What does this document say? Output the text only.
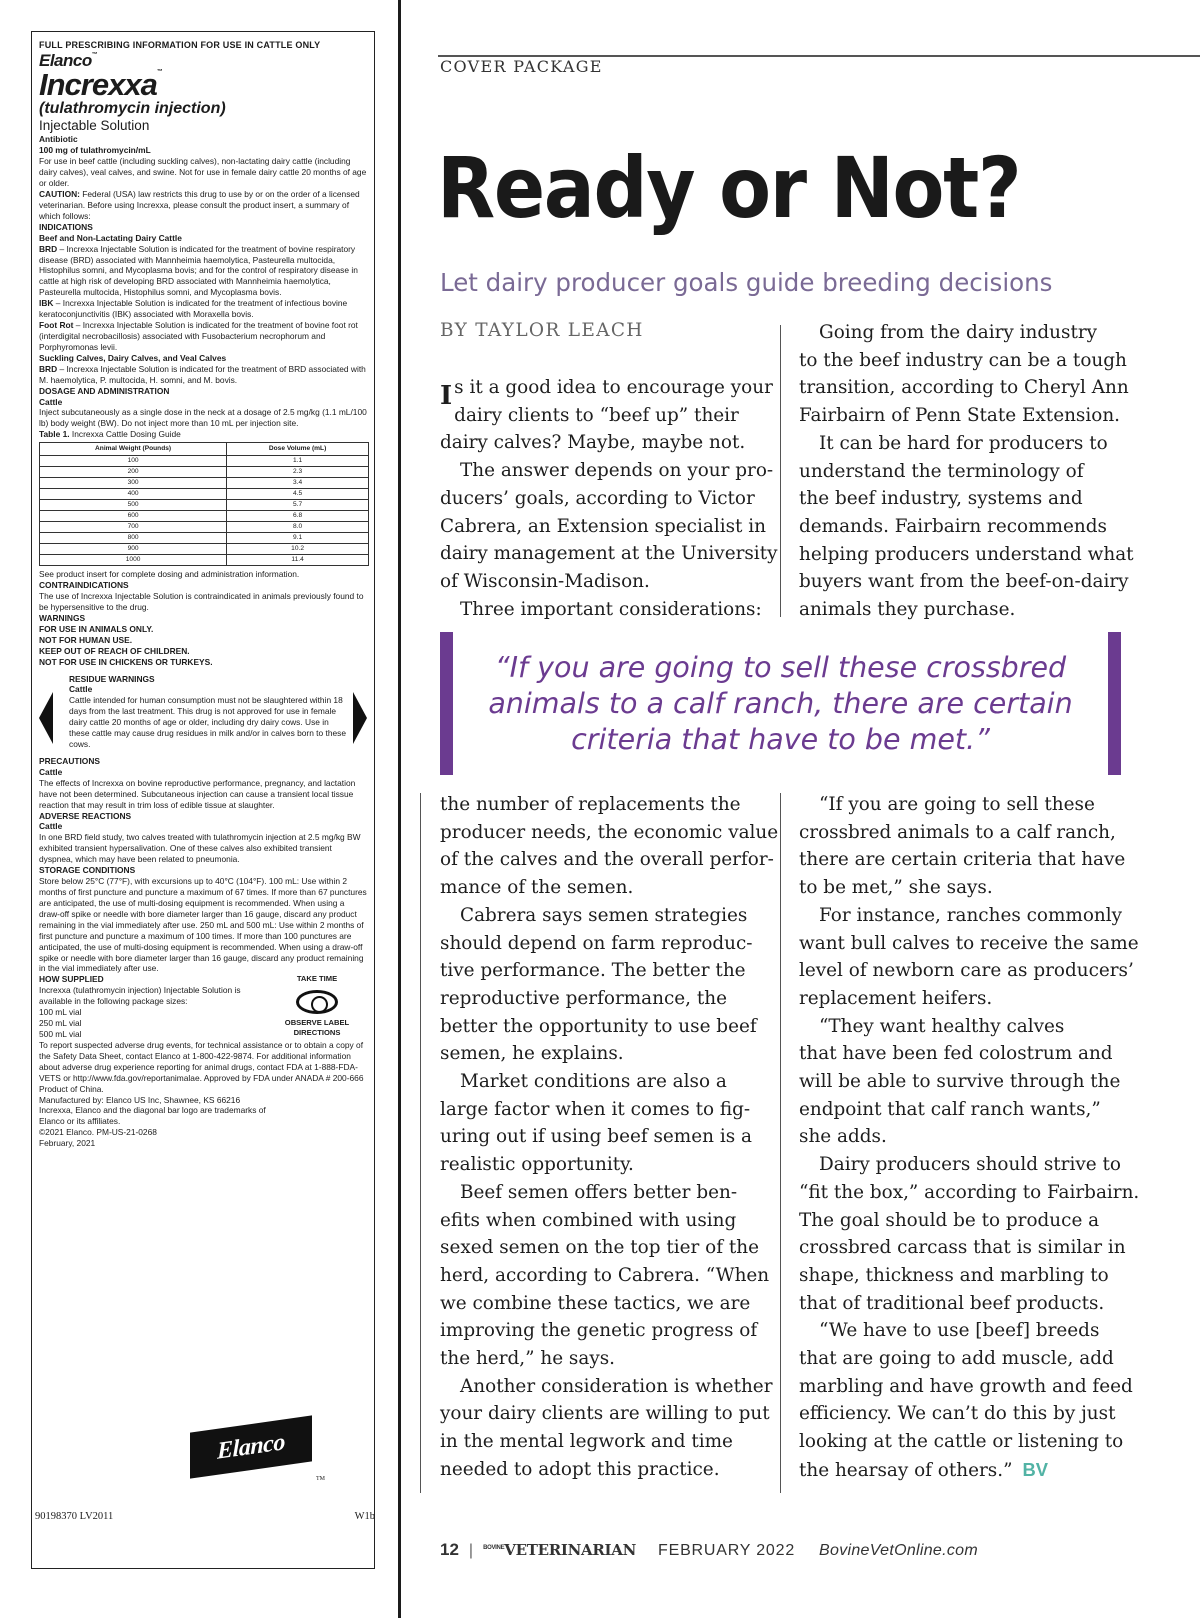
FULL PRESCRIBING INFORMATION FOR USE IN CATTLE ONLY
Elanco™
Increxxa™
(tulathromycin injection)
Injectable Solution

Antibiotic

100 mg of tulathromycin/mL

For use in beef cattle (including suckling calves), non-lactating dairy cattle (including dairy calves), veal calves, and swine. Not for use in female dairy cattle 20 months of age or older.

CAUTION: Federal (USA) law restricts this drug to use by or on the order of a licensed veterinarian. Before using Increxxa, please consult the product insert, a summary of which follows:

INDICATIONS

Beef and Non-Lactating Dairy Cattle

BRD – Increxxa Injectable Solution is indicated for the treatment of bovine respiratory disease (BRD) associated with Mannheimia haemolytica, Pasteurella multocida, Histophilus somni, and Mycoplasma bovis; and for the control of respiratory disease in cattle at high risk of developing BRD associated with Mannheimia haemolytica, Pasteurella multocida, Histophilus somni, and Mycoplasma bovis.

IBK – Increxxa Injectable Solution is indicated for the treatment of infectious bovine keratoconjunctivitis (IBK) associated with Moraxella bovis.

Foot Rot – Increxxa Injectable Solution is indicated for the treatment of bovine foot rot (interdigital necrobacillosis) associated with Fusobacterium necrophorum and Porphyromonas levii.

Suckling Calves, Dairy Calves, and Veal Calves

BRD – Increxxa Injectable Solution is indicated for the treatment of BRD associated with M. haemolytica, P. multocida, H. somni, and M. bovis.

DOSAGE AND ADMINISTRATION

Cattle

Inject subcutaneously as a single dose in the neck at a dosage of 2.5 mg/kg (1.1 mL/100 lb) body weight (BW). Do not inject more than 10 mL per injection site.

Table 1. Increxxa Cattle Dosing Guide

Animal Weight (Pounds)	Dose Volume (mL)
100	1.1
200	2.3
300	3.4
400	4.5
500	5.7
600	6.8
700	8.0
800	9.1
900	10.2
1000	11.4

See product insert for complete dosing and administration information.

CONTRAINDICATIONS

The use of Increxxa Injectable Solution is contraindicated in animals previously found to be hypersensitive to the drug.

WARNINGS

FOR USE IN ANIMALS ONLY.

NOT FOR HUMAN USE.

KEEP OUT OF REACH OF CHILDREN.

NOT FOR USE IN CHICKENS OR TURKEYS.

RESIDUE WARNINGS

Cattle

Cattle intended for human consumption must not be slaughtered within 18 days from the last treatment. This drug is not approved for use in female dairy cattle 20 months of age or older, including dry dairy cows. Use in these cattle may cause drug residues in milk and/or in calves born to these cows.

PRECAUTIONS

Cattle

The effects of Increxxa on bovine reproductive performance, pregnancy, and lactation have not been determined. Subcutaneous injection can cause a transient local tissue reaction that may result in trim loss of edible tissue at slaughter.

ADVERSE REACTIONS

Cattle

In one BRD field study, two calves treated with tulathromycin injection at 2.5 mg/kg BW exhibited transient hypersalivation. One of these calves also exhibited transient dyspnea, which may have been related to pneumonia.

STORAGE CONDITIONS

Store below 25°C (77°F), with excursions up to 40°C (104°F). 100 mL: Use within 2 months of first puncture and puncture a maximum of 67 times. If more than 67 punctures are anticipated, the use of multi-dosing equipment is recommended. When using a draw-off spike or needle with bore diameter larger than 16 gauge, discard any product remaining in the vial immediately after use. 250 mL and 500 mL: Use within 2 months of first puncture and puncture a maximum of 100 times. If more than 100 punctures are anticipated, the use of multi-dosing equipment is recommended. When using a draw-off spike or needle with bore diameter larger than 16 gauge, discard any product remaining in the vial immediately after use.

TAKE TIME
OBSERVE LABEL DIRECTIONS

HOW SUPPLIED

Increxxa (tulathromycin injection) Injectable Solution is available in the following package sizes:

100 mL vial

250 mL vial

500 mL vial

To report suspected adverse drug events, for technical assistance or to obtain a copy of the Safety Data Sheet, contact Elanco at 1-800-422-9874. For additional information about adverse drug experience reporting for animal drugs, contact FDA at 1-888-FDA-VETS or http://www.fda.gov/reportanimalae. Approved by FDA under ANADA # 200-666

Product of China.

Manufactured by: Elanco US Inc, Shawnee, KS 66216

Increxxa, Elanco and the diagonal bar logo are trademarks of Elanco or its affiliates.

©2021 Elanco. PM-US-21-0268

February, 2021

Elanco
TM
90198370 LV2011	W1b
COVER PACKAGE
Ready or Not?
Let dairy producer goals guide breeding decisions
BY TAYLOR LEACH

I s it a good idea to encourage your

dairy clients to “beef up” their

dairy calves? Maybe, maybe not.

The answer depends on your pro-

ducers’ goals, according to Victor

Cabrera, an Extension specialist in

dairy management at the University

of Wisconsin-Madison.

Three important considerations:

Going from the dairy industry

to the beef industry can be a tough

transition, according to Cheryl Ann

Fairbairn of Penn State Extension.

It can be hard for producers to

understand the terminology of

the beef industry, systems and

demands. Fairbairn recommends

helping producers understand what

buyers want from the beef-on-dairy

animals they purchase.

“If you are going to sell these crossbred
animals to a calf ranch, there are certain
criteria that have to be met.”

the number of replacements the

producer needs, the economic value

of the calves and the overall perfor-

mance of the semen.

Cabrera says semen strategies

should depend on farm reproduc-

tive performance. The better the

reproductive performance, the

better the opportunity to use beef

semen, he explains.

Market conditions are also a

large factor when it comes to fig-

uring out if using beef semen is a

realistic opportunity.

Beef semen offers better ben-

efits when combined with using

sexed semen on the top tier of the

herd, according to Cabrera. “When

we combine these tactics, we are

improving the genetic progress of

the herd,” he says.

Another consideration is whether

your dairy clients are willing to put

in the mental legwork and time

needed to adopt this practice.

“If you are going to sell these

crossbred animals to a calf ranch,

there are certain criteria that have

to be met,” she says.

For instance, ranches commonly

want bull calves to receive the same

level of newborn care as producers’

replacement heifers.

“They want healthy calves

that have been fed colostrum and

will be able to survive through the

endpoint that calf ranch wants,”

she adds.

Dairy producers should strive to

“fit the box,” according to Fairbairn.

The goal should be to produce a

crossbred carcass that is similar in

shape, thickness and marbling to

that of traditional beef products.

“We have to use [beef] breeds

that are going to add muscle, add

marbling and have growth and feed

efficiency. We can’t do this by just

looking at the cattle or listening to

the hearsay of others.” BV

12 | $^{BOVINE}$VETERINARIAN FEBRUARY 2022 BovineVetOnline.com
